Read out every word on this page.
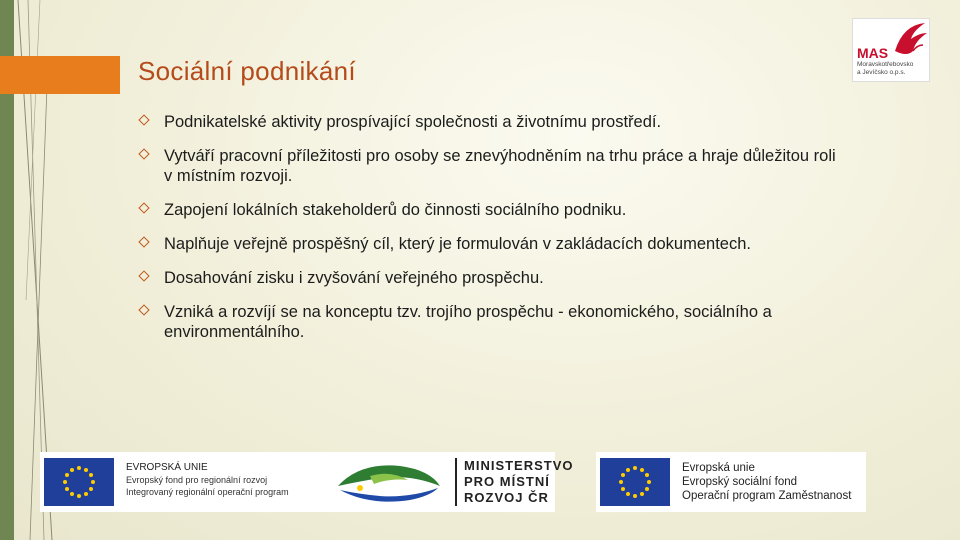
Sociální podnikání
Podnikatelské aktivity prospívající společnosti a životnímu prostředí.
Vytváří pracovní příležitosti pro osoby se znevýhodněním na trhu práce a hraje důležitou roli v místním rozvoji.
Zapojení lokálních stakeholderů do činnosti sociálního podniku.
Naplňuje veřejně prospěšný cíl, který je formulován v zakládacích dokumentech.
Dosahování zisku i zvyšování veřejného prospěchu.
Vzniká a rozvíjí se na konceptu tzv. trojího prospěchu - ekonomického, sociálního a environmentálního.
MAS
Moravskotřebovsko
a Jevíčsko o.p.s.
EVROPSKÁ UNIE
Evropský fond pro regionální rozvoj
Integrovaný regionální operační program
MINISTERSTVO
PRO MÍSTNÍ
ROZVOJ ČR
Evropská unie
Evropský sociální fond
Operační program Zaměstnanost
